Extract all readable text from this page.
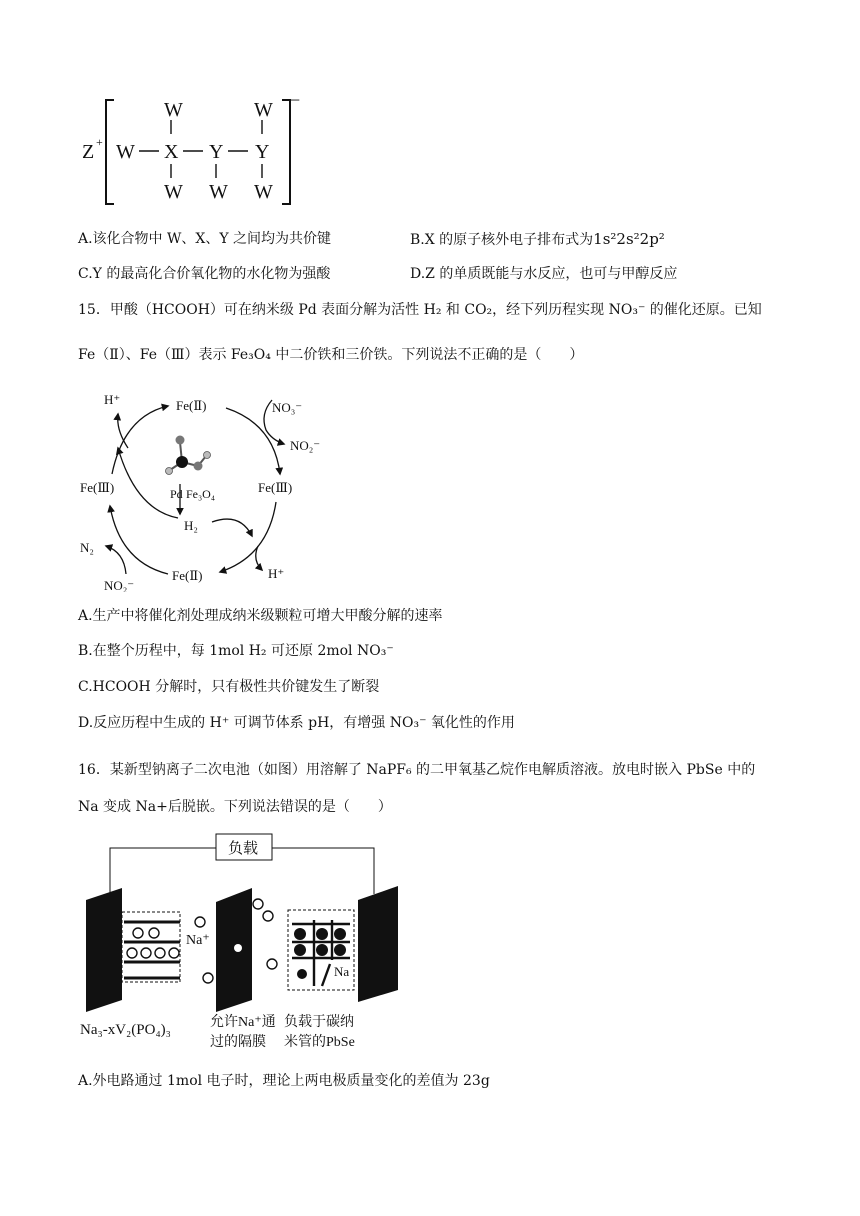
Z +
−
W	W
W X Y Y
W W W
A.该化合物中 W、X、Y 之间均为共价键	B.X 的原子核外电子排布式为1s²2s²2p²
C.Y 的最高化合价氧化物的水化物为强酸	D.Z 的单质既能与水反应，也可与甲醇反应
15．甲酸（HCOOH）可在纳米级 Pd 表面分解为活性 H₂ 和 CO₂，经下列历程实现 NO₃⁻ 的催化还原。已知
Fe（Ⅱ）、Fe（Ⅲ）表示 Fe₃O₄ 中二价铁和三价铁。下列说法不正确的是（　　）
Fe(Ⅱ)
H⁺
NO₃⁻
NO₂⁻
Fe(Ⅲ)
Fe(Ⅲ)	Pd Fe₃O₄
H₂
N₂
Fe(Ⅱ)	H⁺
NO₂⁻
A.生产中将催化剂处理成纳米级颗粒可增大甲酸分解的速率
B.在整个历程中，每 1mol H₂ 可还原 2mol NO₃⁻
C.HCOOH 分解时，只有极性共价键发生了断裂
D.反应历程中生成的 H⁺ 可调节体系 pH，有增强 NO₃⁻ 氧化性的作用
16．某新型钠离子二次电池（如图）用溶解了 NaPF₆ 的二甲氧基乙烷作电解质溶液。放电时嵌入 PbSe 中的
Na 变成 Na+后脱嵌。下列说法错误的是（　　）
负载
Na⁺
Na
Na₃-xV₂(PO₄)₃	允许Na⁺通
过的隔膜
负载于碳纳
米管的PbSe
A.外电路通过 1mol 电子时，理论上两电极质量变化的差值为 23g
